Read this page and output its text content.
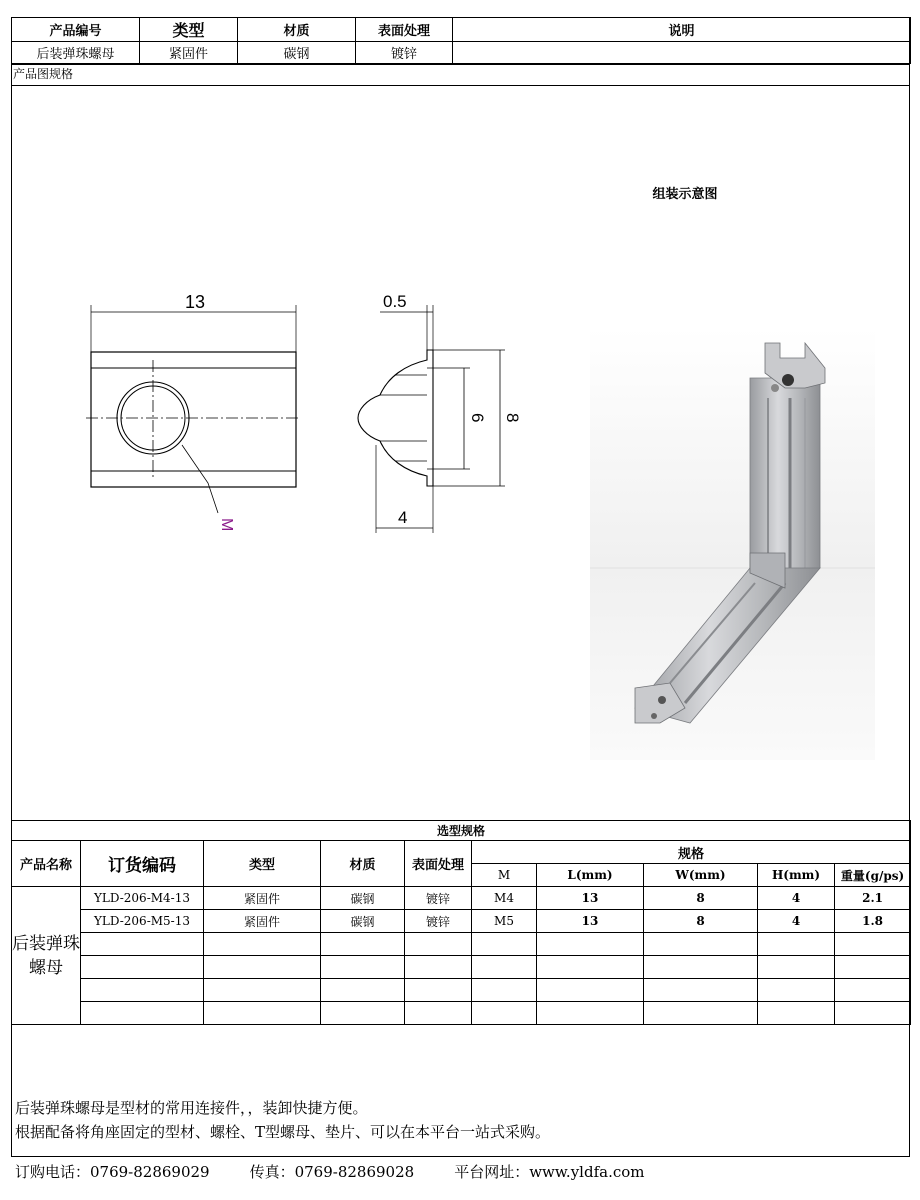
产品编号	类型	材质	表面处理	说明
后装弹珠螺母	紧固件	碳钢	镀锌	
产品图规格
组装示意图
13
M
0.5
6 8
4
选型规格									
产品名称	订货编码	类型	材质	表面处理	规格				
					M	L(mm)	W(mm)	H(mm)	重量(g/ps)
后装弹珠螺母	YLD-206-M4-13	紧固件	碳钢	镀锌	M4	13	8	4	2.1
	YLD-206-M5-13	紧固件	碳钢	镀锌	M5	13	8	4	1.8

后装弹珠螺母是型材的常用连接件，，装卸快捷方便。
根据配备将角座固定的型材、螺栓、T型螺母、垫片、可以在本平台一站式采购。
订购电话：0769-82869029	传真：0769-82869028	平台网址：www.yldfa.com
